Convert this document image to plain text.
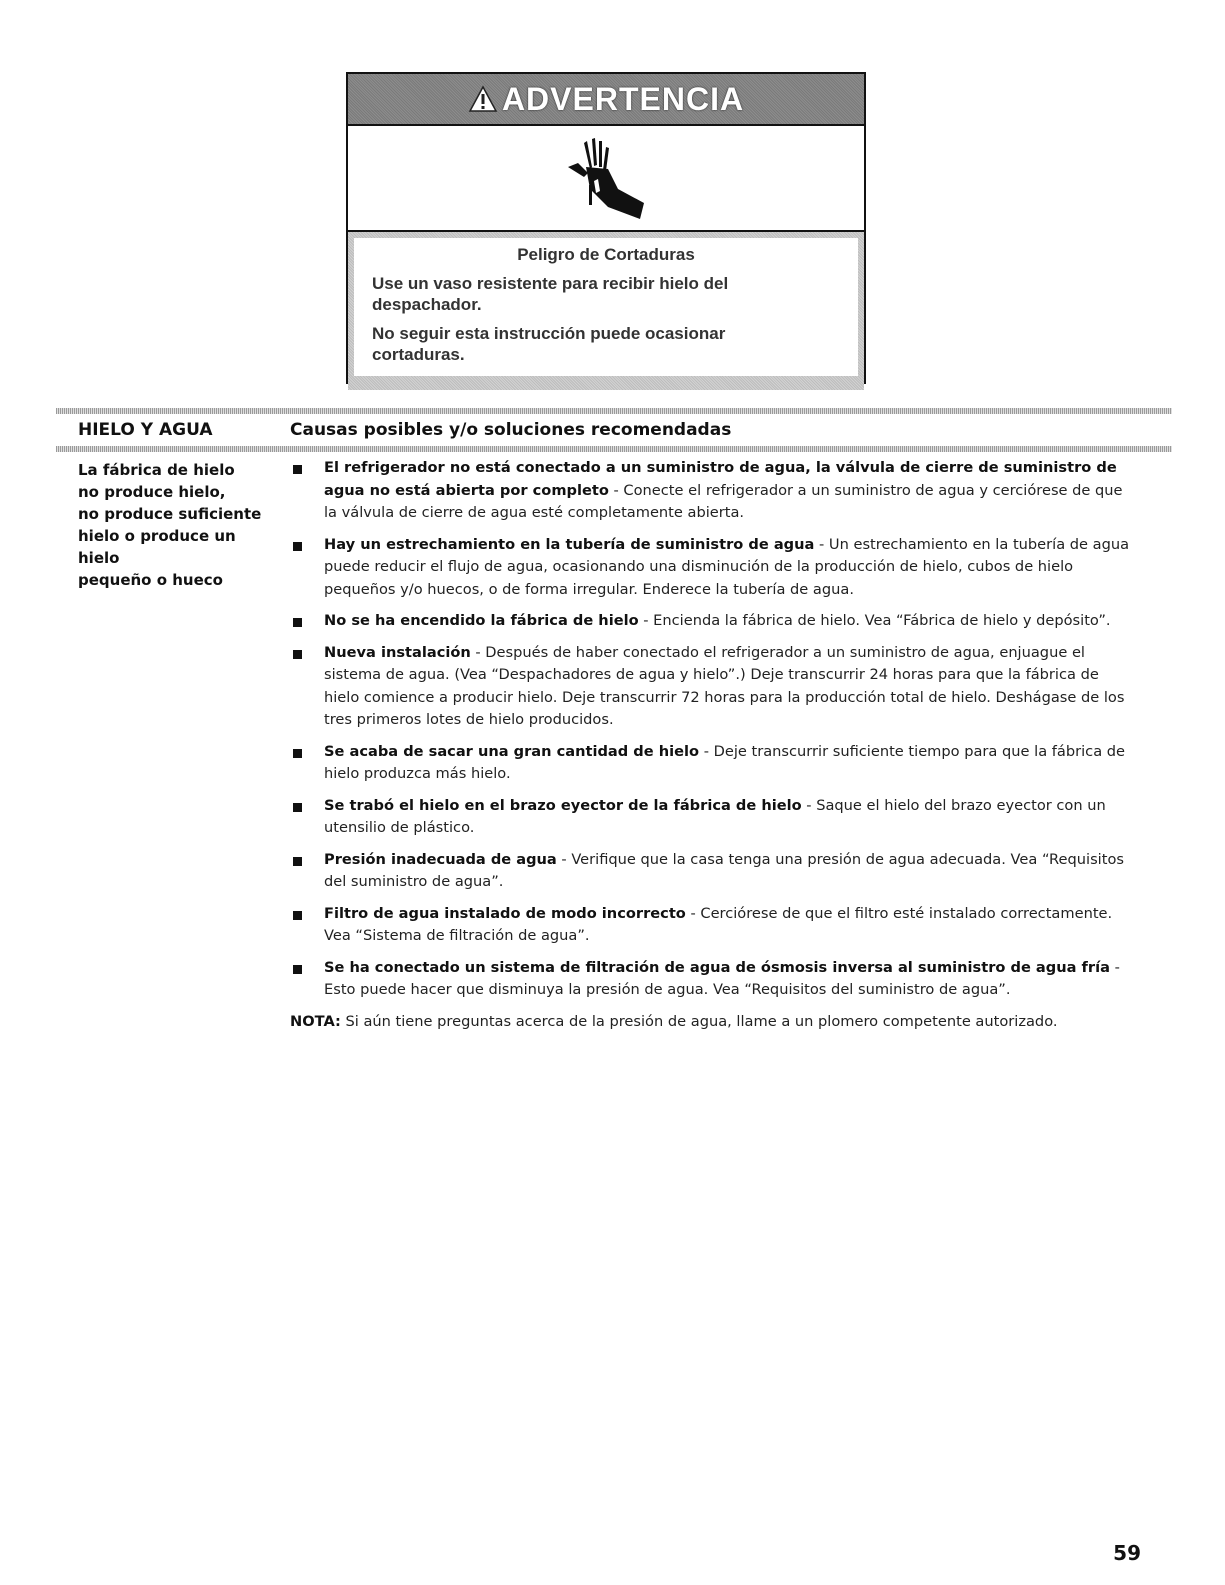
ADVERTENCIA
Peligro de Cortaduras
Use un vaso resistente para recibir hielo del despachador.
No seguir esta instrucción puede ocasionar cortaduras.
HIELO Y AGUA	Causas posibles y/o soluciones recomendadas
La fábrica de hielo
no produce hielo,
no produce suficiente
hielo o produce un hielo
pequeño o hueco
El refrigerador no está conectado a un suministro de agua, la válvula de cierre de suministro de agua no está abierta por completo - Conecte el refrigerador a un suministro de agua y cerciórese de que la válvula de cierre de agua esté completamente abierta.
Hay un estrechamiento en la tubería de suministro de agua - Un estrechamiento en la tubería de agua puede reducir el flujo de agua, ocasionando una disminución de la producción de hielo, cubos de hielo pequeños y/o huecos, o de forma irregular. Enderece la tubería de agua.
No se ha encendido la fábrica de hielo - Encienda la fábrica de hielo. Vea “Fábrica de hielo y depósito”.
Nueva instalación - Después de haber conectado el refrigerador a un suministro de agua, enjuague el sistema de agua. (Vea “Despachadores de agua y hielo”.) Deje transcurrir 24 horas para que la fábrica de hielo comience a producir hielo. Deje transcurrir 72 horas para la producción total de hielo. Deshágase de los tres primeros lotes de hielo producidos.
Se acaba de sacar una gran cantidad de hielo - Deje transcurrir suficiente tiempo para que la fábrica de hielo produzca más hielo.
Se trabó el hielo en el brazo eyector de la fábrica de hielo - Saque el hielo del brazo eyector con un utensilio de plástico.
Presión inadecuada de agua - Verifique que la casa tenga una presión de agua adecuada. Vea “Requisitos del suministro de agua”.
Filtro de agua instalado de modo incorrecto - Cerciórese de que el filtro esté instalado correctamente. Vea “Sistema de filtración de agua”.
Se ha conectado un sistema de filtración de agua de ósmosis inversa al suministro de agua fría - Esto puede hacer que disminuya la presión de agua. Vea “Requisitos del suministro de agua”.
NOTA: Si aún tiene preguntas acerca de la presión de agua, llame a un plomero competente autorizado.
59
